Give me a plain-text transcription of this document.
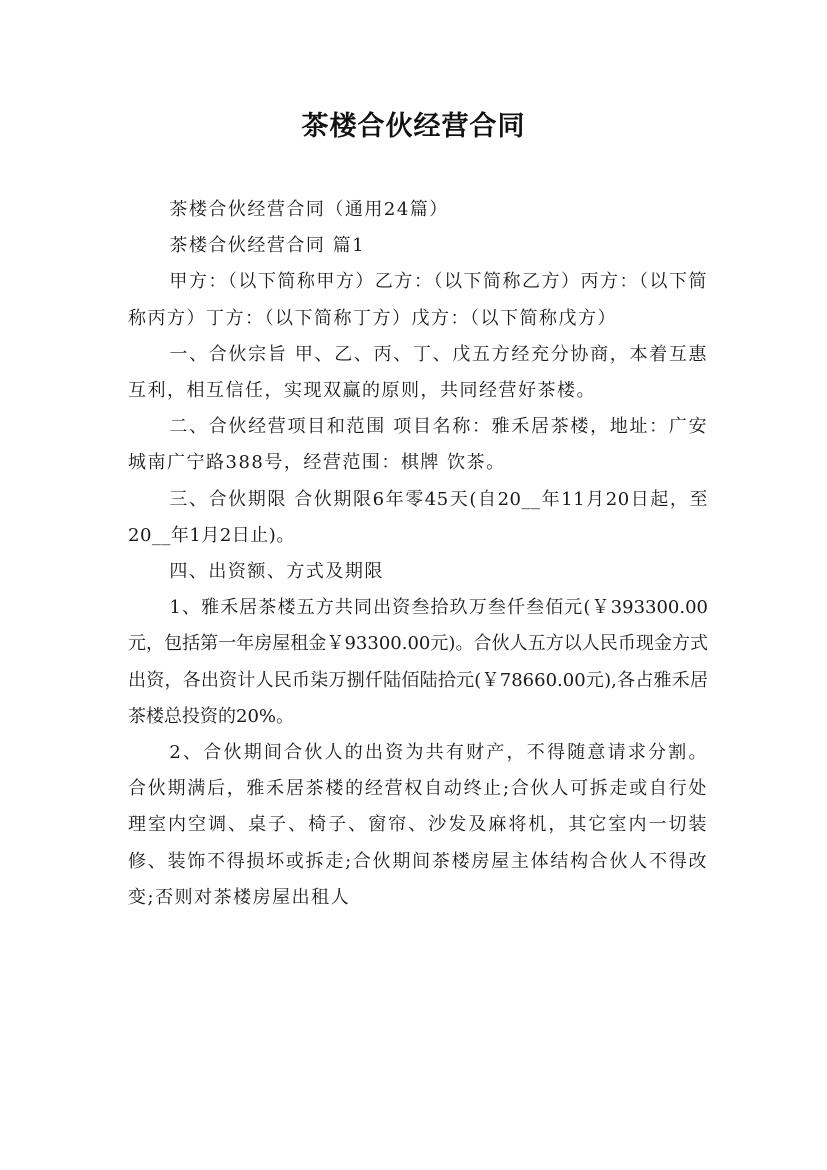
茶楼合伙经营合同

茶楼合伙经营合同（通用24篇）

茶楼合伙经营合同 篇1

甲方：（以下简称甲方）乙方：（以下简称乙方）丙方：（以下简称丙方）丁方：（以下简称丁方）戊方：（以下简称戊方）

一、合伙宗旨 甲、乙、丙、丁、戊五方经充分协商，本着互惠互利，相互信任，实现双赢的原则，共同经营好茶楼。

二、合伙经营项目和范围 项目名称：雅禾居茶楼，地址：广安城南广宁路388号，经营范围：棋牌 饮茶。

三、合伙期限 合伙期限6年零45天(自20__年11月20日起，至20__年1月2日止)。

四、出资额、方式及期限

1、雅禾居茶楼五方共同出资叁拾玖万叁仟叁佰元(￥393300.00元，包括第一年房屋租金￥93300.00元)。合伙人五方以人民币现金方式出资，各出资计人民币柒万捌仟陆佰陆拾元(￥78660.00元),各占雅禾居茶楼总投资的20%。

2、合伙期间合伙人的出资为共有财产，不得随意请求分割。合伙期满后，雅禾居茶楼的经营权自动终止;合伙人可拆走或自行处理室内空调、桌子、椅子、窗帘、沙发及麻将机，其它室内一切装修、装饰不得损坏或拆走;合伙期间茶楼房屋主体结构合伙人不得改变;否则对茶楼房屋出租人
